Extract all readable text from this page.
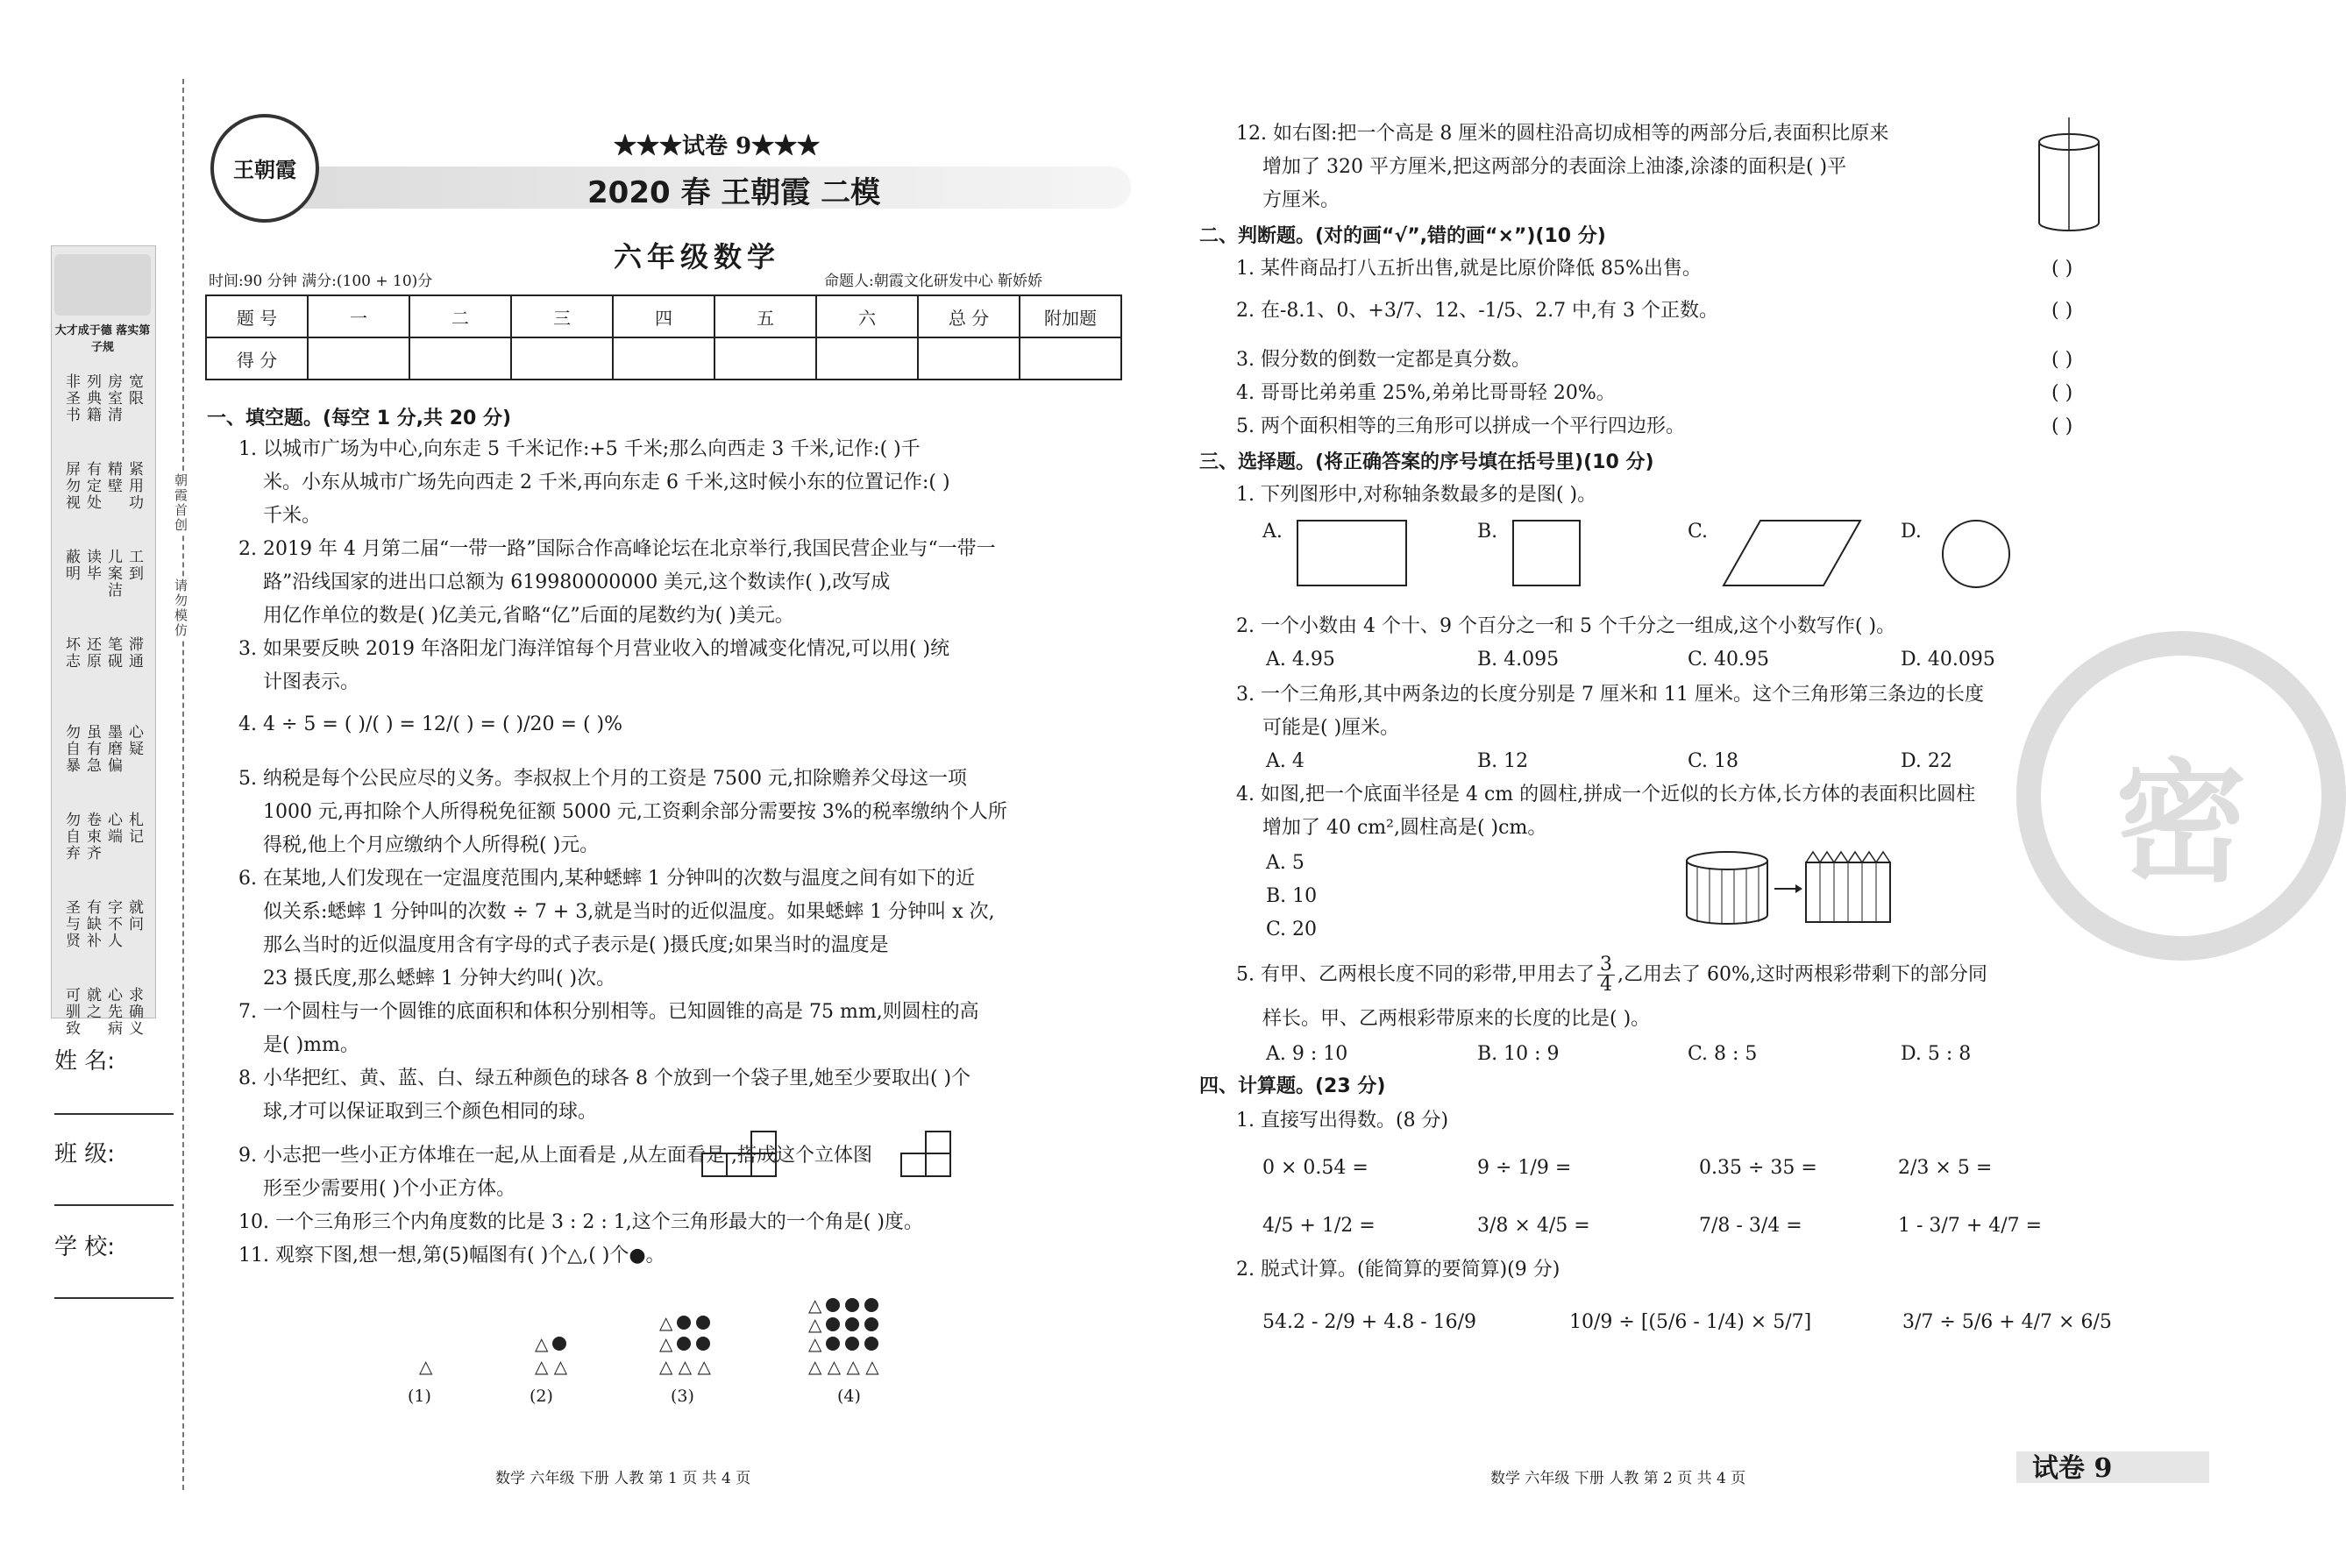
大才成于德 落实第子规
非圣书 列典籍 房室清 宽限
屏勿视 有定处 精壁 紧用功
蔽明 读毕 儿案洁 工到
坏志 还原 笔砚 滞通
勿自暴 虽有急 墨磨偏 心疑
勿自弃 卷束齐 心端 札记
圣与贤 有缺补 字不人 就问
可驯致 就之 心先病 求确义
朝霞首创
请勿模仿
姓 名:
班 级:
学 校:
王朝霞
★★★试卷 9★★★
2020 春 王朝霞 二模
六年级数学
时间:90 分钟 满分:(100 + 10)分	命题人:朝霞文化研发中心 靳娇娇
题 号	一	二	三	四	五	六	总 分	附加题
得 分								
一、填空题。(每空 1 分,共 20 分)
1. 以城市广场为中心,向东走 5 千米记作:+5 千米;那么向西走 3 千米,记作:( )千
米。小东从城市广场先向西走 2 千米,再向东走 6 千米,这时候小东的位置记作:( )
千米。
2. 2019 年 4 月第二届“一带一路”国际合作高峰论坛在北京举行,我国民营企业与“一带一
路”沿线国家的进出口总额为 619980000000 美元,这个数读作( ),改写成
用亿作单位的数是( )亿美元,省略“亿”后面的尾数约为( )美元。
3. 如果要反映 2019 年洛阳龙门海洋馆每个月营业收入的增减变化情况,可以用( )统
计图表示。
4. 4 ÷ 5 = ( )/( ) = 12/( ) = ( )/20 = ( )%
5. 纳税是每个公民应尽的义务。李叔叔上个月的工资是 7500 元,扣除赡养父母这一项
1000 元,再扣除个人所得税免征额 5000 元,工资剩余部分需要按 3%的税率缴纳个人所
得税,他上个月应缴纳个人所得税( )元。
6. 在某地,人们发现在一定温度范围内,某种蟋蟀 1 分钟叫的次数与温度之间有如下的近
似关系:蟋蟀 1 分钟叫的次数 ÷ 7 + 3,就是当时的近似温度。如果蟋蟀 1 分钟叫 x 次,
那么当时的近似温度用含有字母的式子表示是( )摄氏度;如果当时的温度是
23 摄氏度,那么蟋蟀 1 分钟大约叫( )次。
7. 一个圆柱与一个圆锥的底面积和体积分别相等。已知圆锥的高是 75 mm,则圆柱的高
是( )mm。
8. 小华把红、黄、蓝、白、绿五种颜色的球各 8 个放到一个袋子里,她至少要取出( )个
球,才可以保证取到三个颜色相同的球。
9. 小志把一些小正方体堆在一起,从上面看是 ,从左面看是 ,搭成这个立体图
形至少需要用( )个小正方体。
10. 一个三角形三个内角度数的比是 3 : 2 : 1,这个三角形最大的一个角是( )度。
11. 观察下图,想一想,第(5)幅图有( )个△,( )个●。
△
△
△ △
△
△
△ △ △
△
△
△
△ △ △ △
(1)	(2)	(3)	(4)
12. 如右图:把一个高是 8 厘米的圆柱沿高切成相等的两部分后,表面积比原来
增加了 320 平方厘米,把这两部分的表面涂上油漆,涂漆的面积是( )平
方厘米。
二、判断题。(对的画“√”,错的画“×”)(10 分)
1. 某件商品打八五折出售,就是比原价降低 85%出售。	( )
2. 在-8.1、0、+3/7、12、-1/5、2.7 中,有 3 个正数。	( )
3. 假分数的倒数一定都是真分数。	( )
4. 哥哥比弟弟重 25%,弟弟比哥哥轻 20%。	( )
5. 两个面积相等的三角形可以拼成一个平行四边形。	( )
三、选择题。(将正确答案的序号填在括号里)(10 分)
1. 下列图形中,对称轴条数最多的是图( )。
A.	B.	C.	D.
2. 一个小数由 4 个十、9 个百分之一和 5 个千分之一组成,这个小数写作( )。
A. 4.95	B. 4.095	C. 40.95	D. 40.095
3. 一个三角形,其中两条边的长度分别是 7 厘米和 11 厘米。这个三角形第三条边的长度
可能是( )厘米。
A. 4	B. 12	C. 18	D. 22
4. 如图,把一个底面半径是 4 cm 的圆柱,拼成一个近似的长方体,长方体的表面积比圆柱
增加了 40 cm²,圆柱高是( )cm。
A. 5
B. 10
C. 20
5. 有甲、乙两根长度不同的彩带,甲用去了 $\frac{3}{4}$ ,乙用去了 60%,这时两根彩带剩下的部分同
样长。甲、乙两根彩带原来的长度的比是( )。
A. 9 : 10	B. 10 : 9	C. 8 : 5	D. 5 : 8
四、计算题。(23 分)
1. 直接写出得数。(8 分)
0 × 0.54 =	9 ÷ 1/9 =	0.35 ÷ 35 =	2/3 × 5 =
4/5 + 1/2 =	3/8 × 4/5 =	7/8 - 3/4 =	1 - 3/7 + 4/7 =
54.2 - 2/9 + 4.8 - 16/9	10/9 ÷ [(5/6 - 1/4) × 5/7]	3/7 ÷ 5/6 + 4/7 × 6/5
2. 脱式计算。(能简算的要简算)(9 分)
密
数学 六年级 下册 人教 第 1 页 共 4 页	数学 六年级 下册 人教 第 2 页 共 4 页	试卷 9
